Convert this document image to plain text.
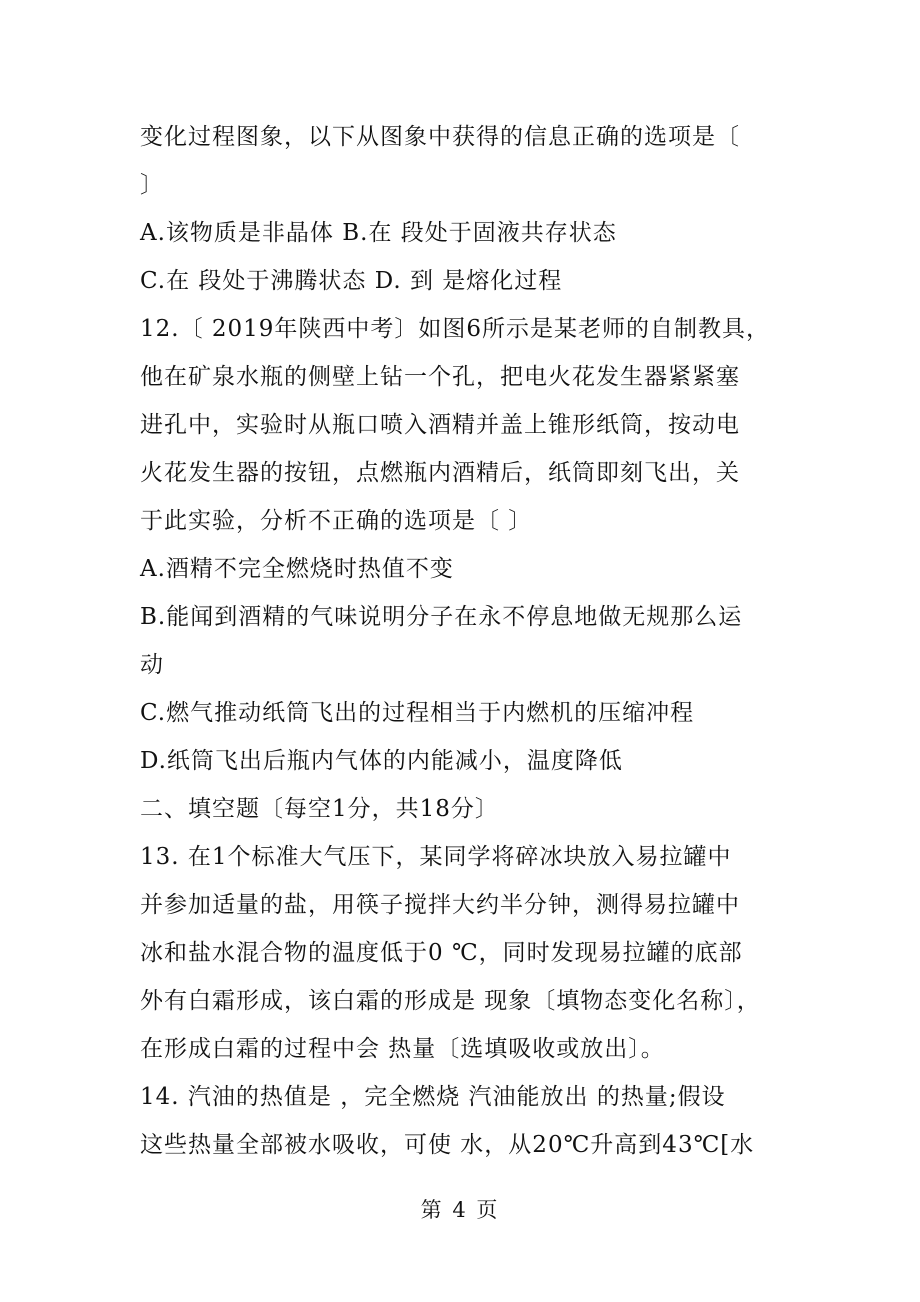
变化过程图象，以下从图象中获得的信息正确的选项是〔
〕
A.该物质是非晶体 B.在 段处于固液共存状态
C.在 段处于沸腾状态 D. 到 是熔化过程
12.〔 2019年陕西中考〕如图6所示是某老师的自制教具，
他在矿泉水瓶的侧壁上钻一个孔，把电火花发生器紧紧塞
进孔中，实验时从瓶口喷入酒精并盖上锥形纸筒，按动电
火花发生器的按钮，点燃瓶内酒精后，纸筒即刻飞出，关
于此实验，分析不正确的选项是〔 〕
A.酒精不完全燃烧时热值不变
B.能闻到酒精的气味说明分子在永不停息地做无规那么运
动
C.燃气推动纸筒飞出的过程相当于内燃机的压缩冲程
D.纸筒飞出后瓶内气体的内能减小，温度降低
二、填空题〔每空1分，共18分〕
13. 在1个标准大气压下，某同学将碎冰块放入易拉罐中
并参加适量的盐，用筷子搅拌大约半分钟，测得易拉罐中
冰和盐水混合物的温度低于0 ℃，同时发现易拉罐的底部
外有白霜形成，该白霜的形成是 现象〔填物态变化名称〕，
在形成白霜的过程中会 热量〔选填吸收或放出〕。
14. 汽油的热值是 ，完全燃烧 汽油能放出 的热量;假设
这些热量全部被水吸收，可使 水，从20℃升高到43℃[水
第 4 页
